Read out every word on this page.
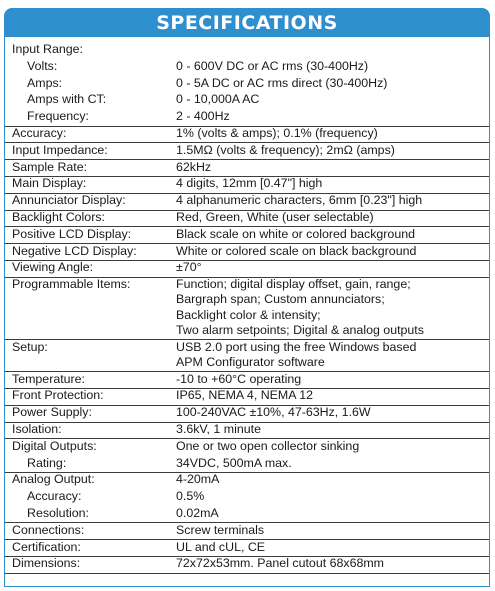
SPECIFICATIONS
Input Range:
Volts:	0 - 600V DC or AC rms (30-400Hz)
Amps:	0 - 5A DC or AC rms direct (30-400Hz)
Amps with CT:	0 - 10,000A AC
Frequency:	2 - 400Hz
Accuracy:	1% (volts & amps); 0.1% (frequency)
Input Impedance:	1.5MΩ (volts & frequency); 2mΩ (amps)
Sample Rate:	62kHz
Main Display:	4 digits, 12mm [0.47"] high
Annunciator Display:	4 alphanumeric characters, 6mm [0.23"] high
Backlight Colors:	Red, Green, White (user selectable)
Positive LCD Display:	Black scale on white or colored background
Negative LCD Display:	White or colored scale on black background
Viewing Angle:	±70°
Programmable Items:	Function; digital display offset, gain, range;
Bargraph span; Custom annunciators;
Backlight color & intensity;
Two alarm setpoints; Digital & analog outputs
Setup:	USB 2.0 port using the free Windows based
APM Configurator software
Temperature:	-10 to +60°C operating
Front Protection:	IP65, NEMA 4, NEMA 12
Power Supply:	100-240VAC ±10%, 47-63Hz, 1.6W
Isolation:	3.6kV, 1 minute
Digital Outputs:	One or two open collector sinking
Rating:	34VDC, 500mA max.
Analog Output:	4-20mA
Accuracy:	0.5%
Resolution:	0.02mA
Connections:	Screw terminals
Certification:	UL and cUL, CE
Dimensions:	72x72x53mm. Panel cutout 68x68mm
